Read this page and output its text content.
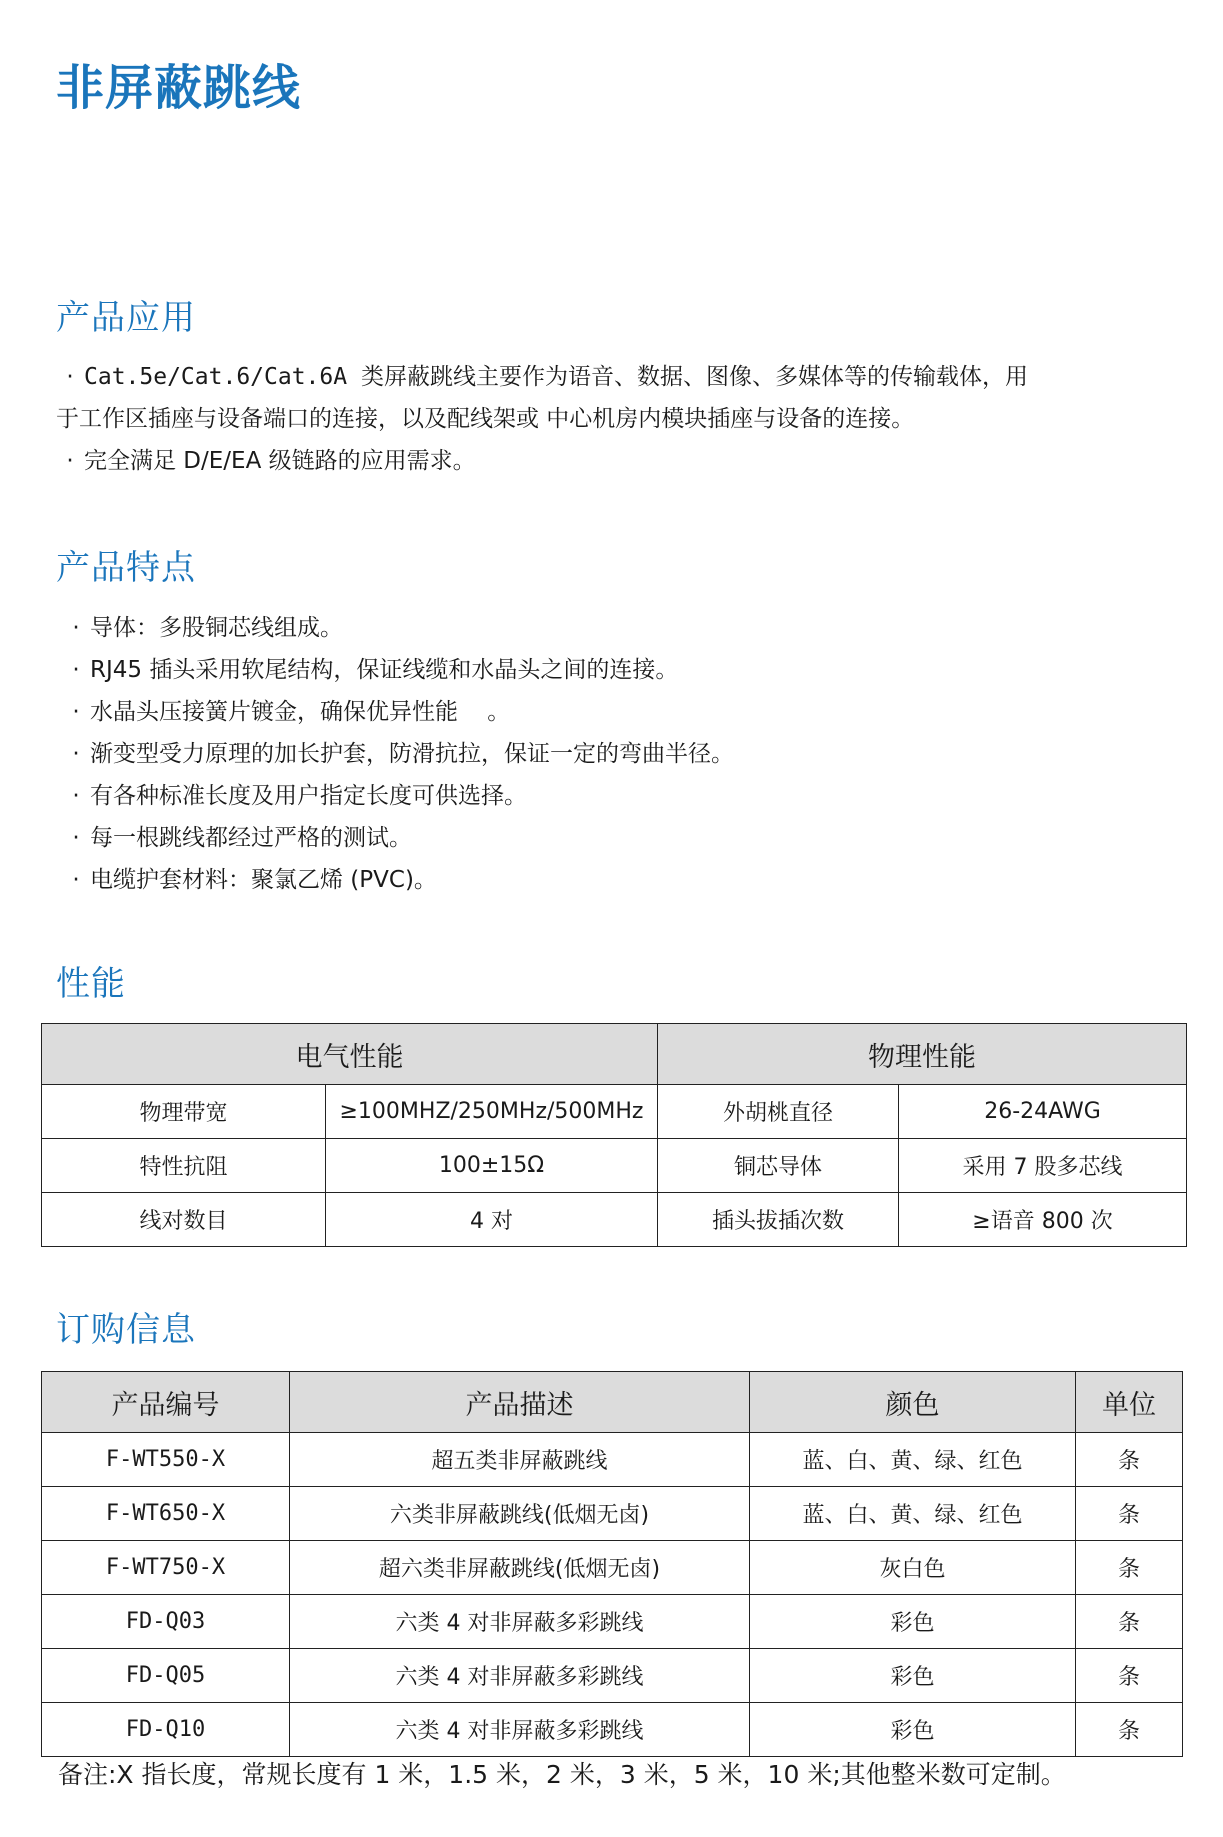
非屏蔽跳线
产品应用
· Cat.5e/Cat.6/Cat.6A 类屏蔽跳线主要作为语音、数据、图像、多媒体等的传输载体，用
于工作区插座与设备端口的连接，以及配线架或 中心机房内模块插座与设备的连接。
· 完全满足 D/E/EA 级链路的应用需求。
产品特点
· 导体：多股铜芯线组成。
· RJ45 插头采用软尾结构，保证线缆和水晶头之间的连接。
· 水晶头压接簧片镀金，确保优异性能    。
· 渐变型受力原理的加长护套，防滑抗拉，保证一定的弯曲半径。
· 有各种标准长度及用户指定长度可供选择。
· 每一根跳线都经过严格的测试。
· 电缆护套材料：聚氯乙烯 (PVC)。
性能
电气性能		物理性能	
物理带宽	≥100MHZ/250MHz/500MHz	外胡桃直径	26-24AWG
特性抗阻	100±15Ω	铜芯导体	采用 7 股多芯线
线对数目	4 对	插头拔插次数	≥语音 800 次
订购信息
产品编号	产品描述	颜色	单位
F-WT550-X	超五类非屏蔽跳线	蓝、白、黄、绿、红色	条
F-WT650-X	六类非屏蔽跳线(低烟无卤)	蓝、白、黄、绿、红色	条
F-WT750-X	超六类非屏蔽跳线(低烟无卤)	灰白色	条
FD-Q03	六类 4 对非屏蔽多彩跳线	彩色	条
FD-Q05	六类 4 对非屏蔽多彩跳线	彩色	条
FD-Q10	六类 4 对非屏蔽多彩跳线	彩色	条
备注:X 指长度，常规长度有 1 米，1.5 米，2 米，3 米，5 米，10 米;其他整米数可定制。
